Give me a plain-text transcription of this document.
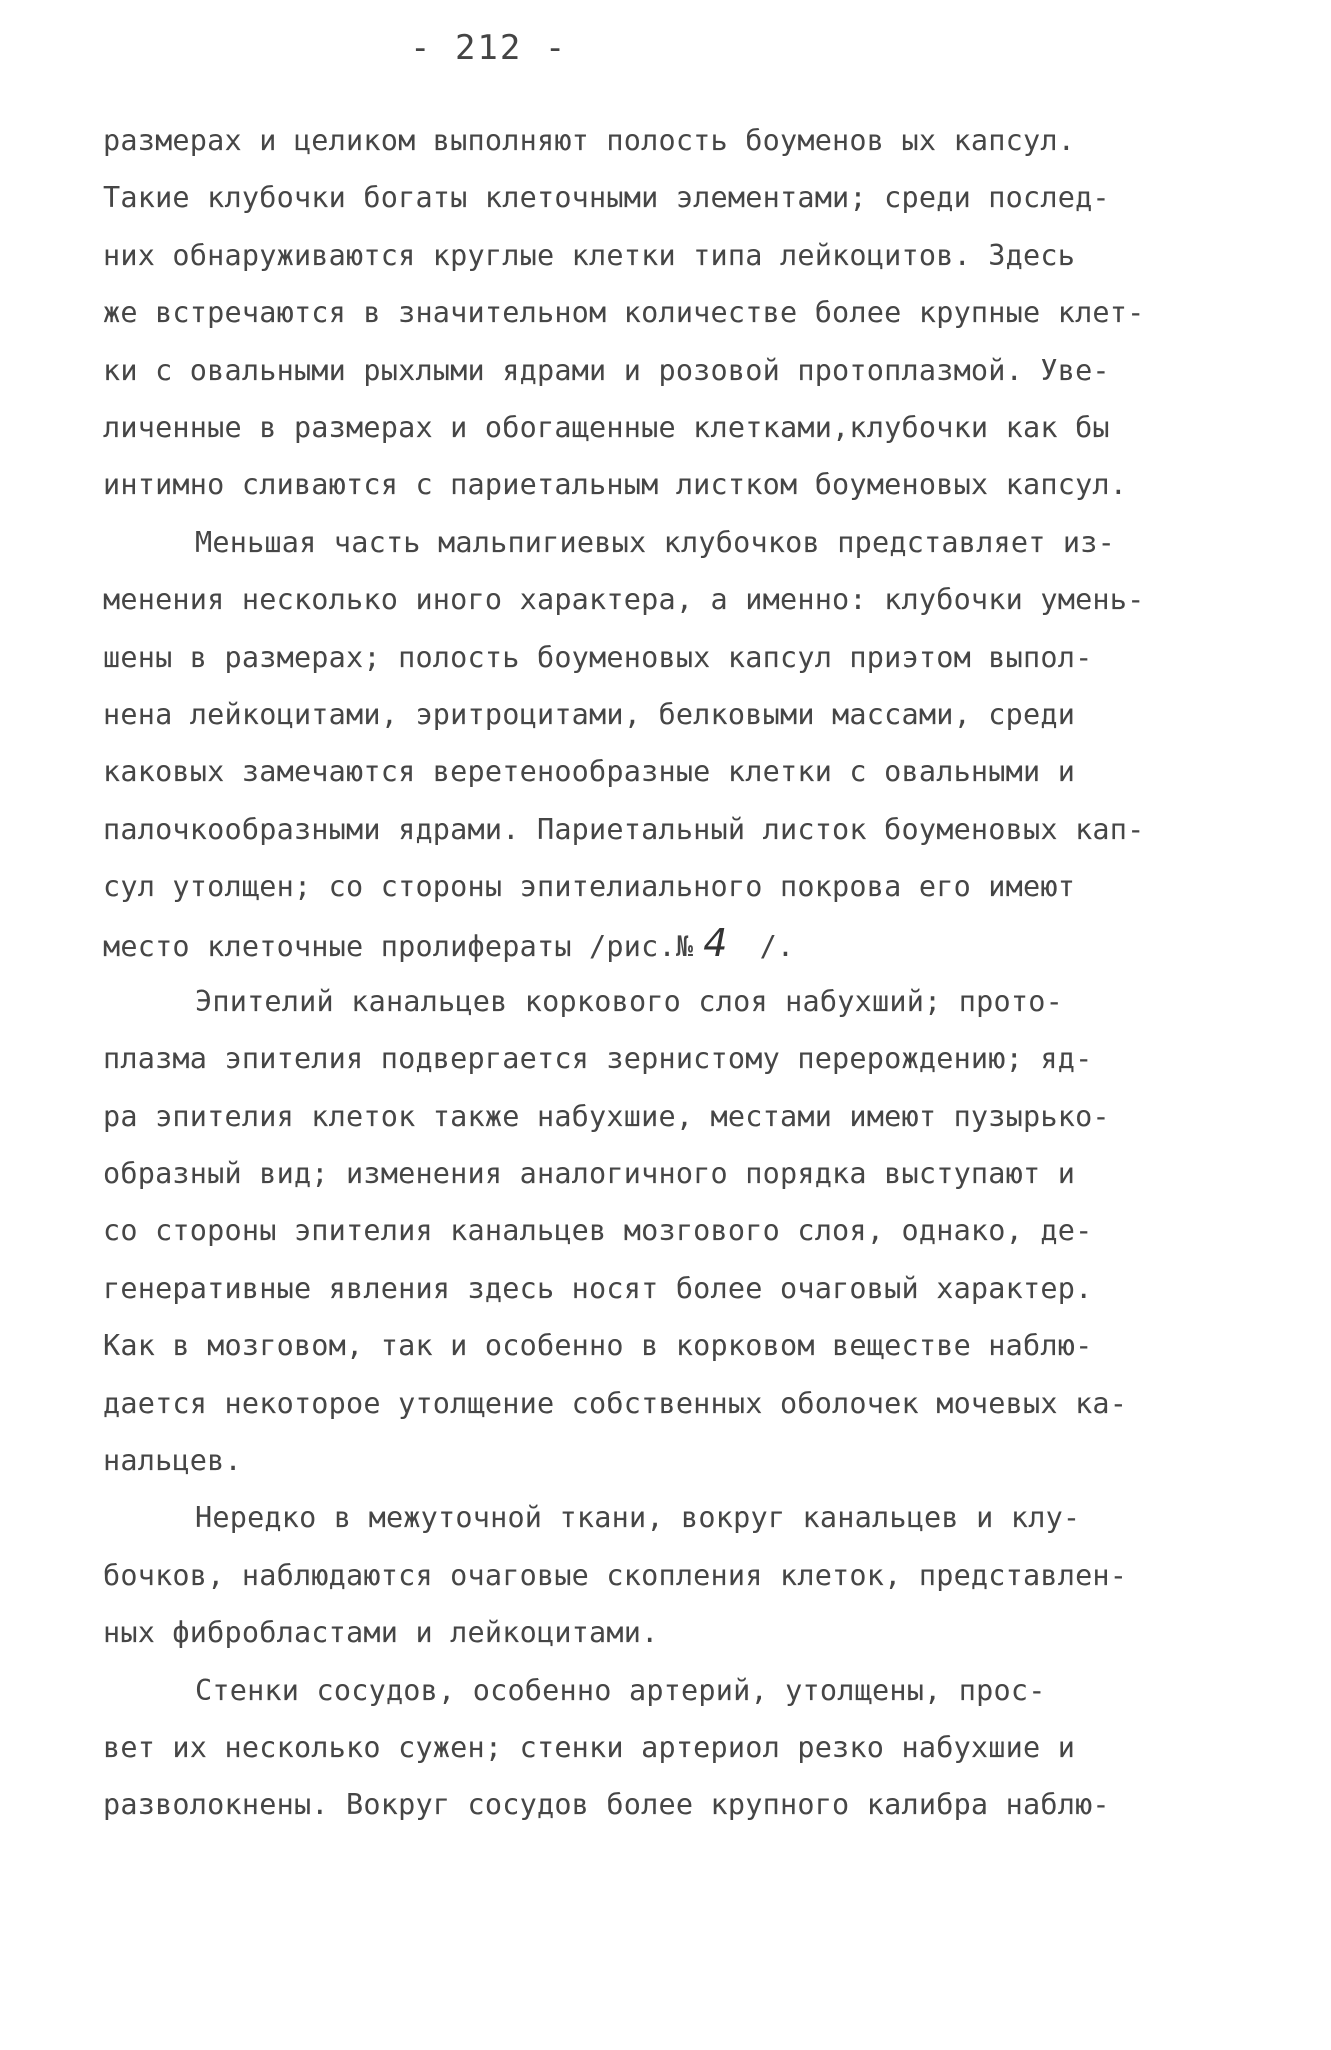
- 212 -
размерах и целиком выполняют полость боуменов ых капсул.
Такие клубочки богаты клеточными элементами; среди послед-
них обнаруживаются круглые клетки типа лейкоцитов. Здесь
же встречаются в значительном количестве более крупные клет-
ки с овальными рыхлыми ядрами и розовой протоплазмой. Уве-
личенные в размерах и обогащенные клетками,клубочки как бы
интимно сливаются с париетальным листком боуменовых капсул.
Меньшая часть мальпигиевых клубочков представляет из-
менения несколько иного характера, а именно: клубочки умень-
шены в размерах; полость боуменовых капсул приэтом выпол-
нена лейкоцитами, эритроцитами, белковыми массами, среди
каковых замечаются веретенообразные клетки с овальными и
палочкообразными ядрами. Париетальный листок боуменовых кап-
сул утолщен; со стороны эпителиального покрова его имеют
место клеточные пролифераты /рис.№ 4 /.
Эпителий канальцев коркового слоя набухший; прото-
плазма эпителия подвергается зернистому перерождению; яд-
ра эпителия клеток также набухшие, местами имеют пузырько-
образный вид; изменения аналогичного порядка выступают и
со стороны эпителия канальцев мозгового слоя, однако, де-
генеративные явления здесь носят более очаговый характер.
Как в мозговом, так и особенно в корковом веществе наблю-
дается некоторое утолщение собственных оболочек мочевых ка-
нальцев.
Нередко в межуточной ткани, вокруг канальцев и клу-
бочков, наблюдаются очаговые скопления клеток, представлен-
ных фибробластами и лейкоцитами.
Стенки сосудов, особенно артерий, утолщены, прос-
вет их несколько сужен; стенки артериол резко набухшие и
разволокнены. Вокруг сосудов более крупного калибра наблю-
